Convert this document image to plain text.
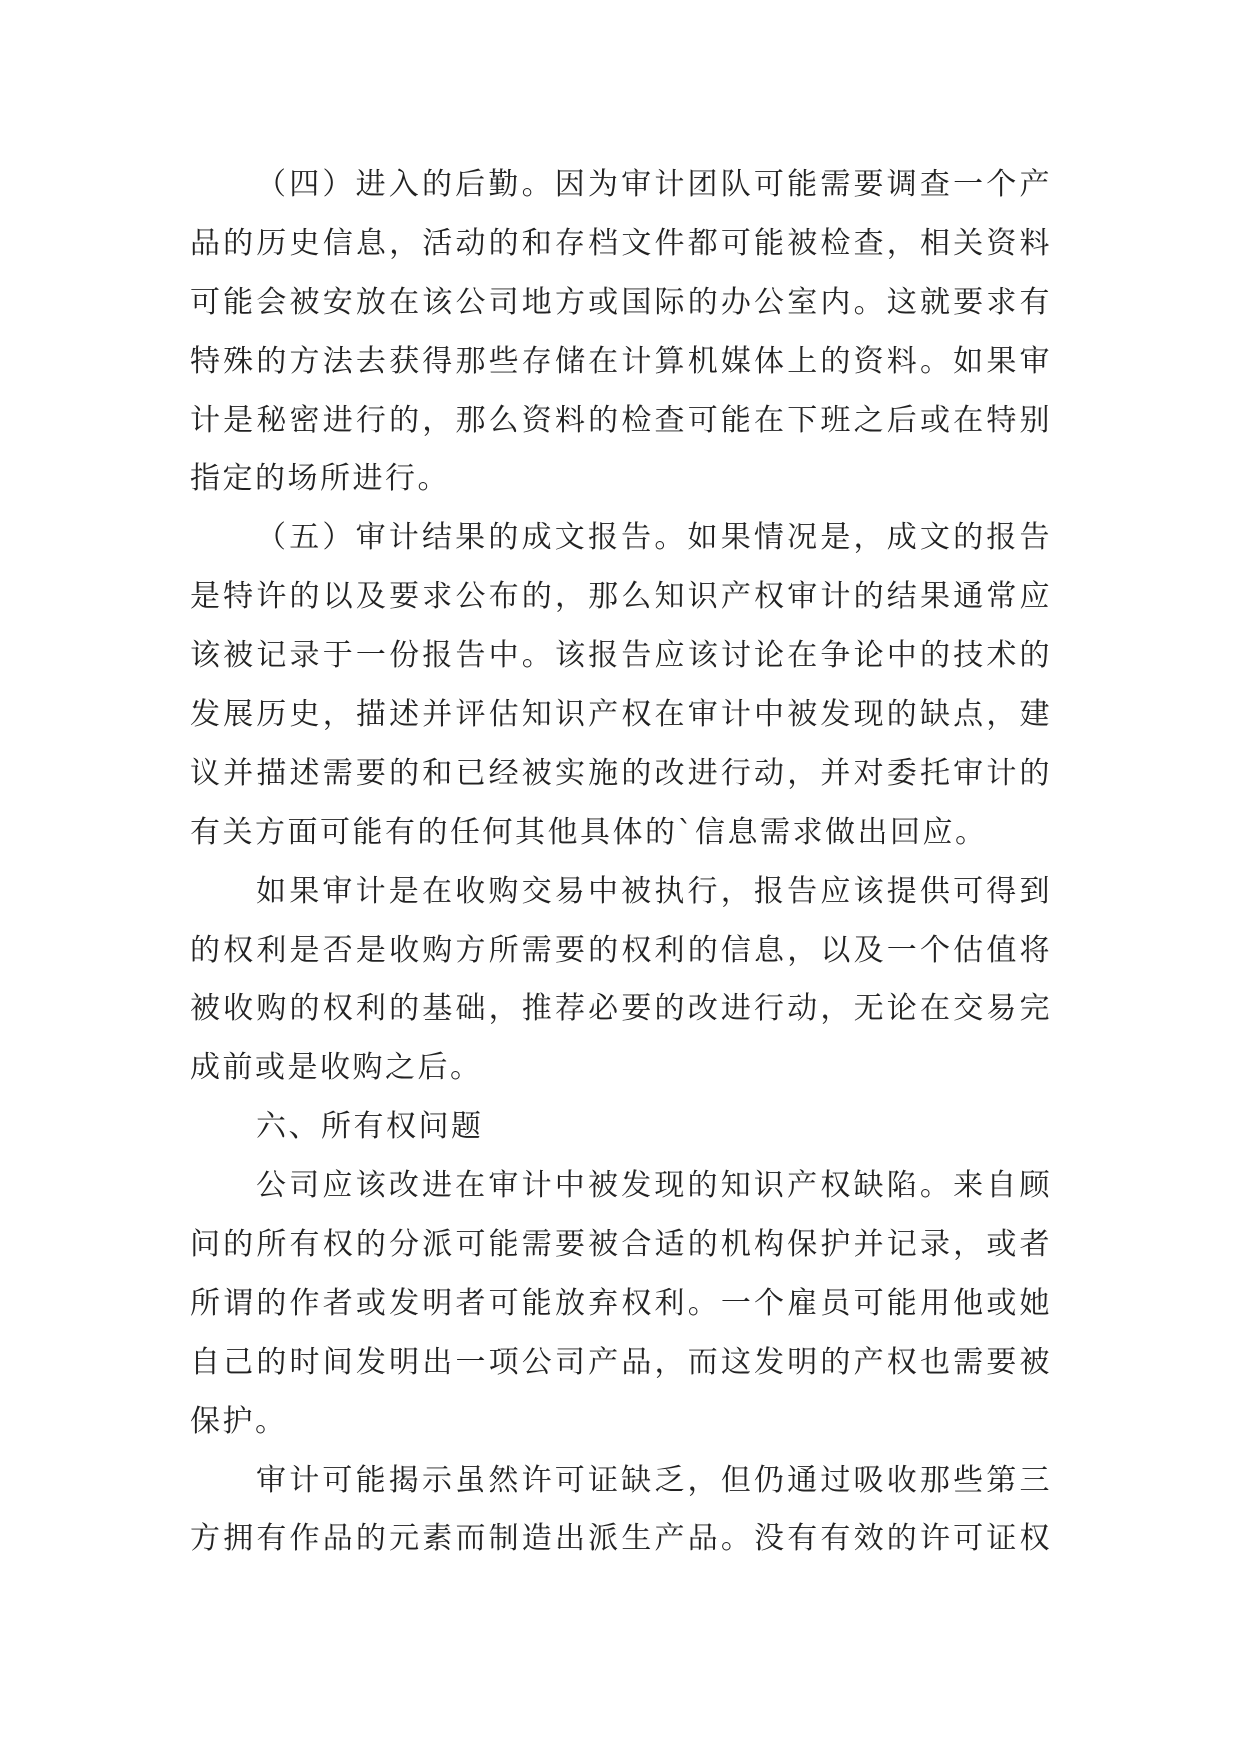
（四）进入的后勤。因为审计团队可能需要调查一个产
品的历史信息，活动的和存档文件都可能被检查，相关资料
可能会被安放在该公司地方或国际的办公室内。这就要求有
特殊的方法去获得那些存储在计算机媒体上的资料。如果审
计是秘密进行的，那么资料的检查可能在下班之后或在特别
指定的场所进行。
（五）审计结果的成文报告。如果情况是，成文的报告
是特许的以及要求公布的，那么知识产权审计的结果通常应
该被记录于一份报告中。该报告应该讨论在争论中的技术的
发展历史，描述并评估知识产权在审计中被发现的缺点，建
议并描述需要的和已经被实施的改进行动，并对委托审计的
有关方面可能有的任何其他具体的`信息需求做出回应。
如果审计是在收购交易中被执行，报告应该提供可得到
的权利是否是收购方所需要的权利的信息，以及一个估值将
被收购的权利的基础，推荐必要的改进行动，无论在交易完
成前或是收购之后。
六、所有权问题
公司应该改进在审计中被发现的知识产权缺陷。来自顾
问的所有权的分派可能需要被合适的机构保护并记录，或者
所谓的作者或发明者可能放弃权利。一个雇员可能用他或她
自己的时间发明出一项公司产品，而这发明的产权也需要被
保护。
审计可能揭示虽然许可证缺乏，但仍通过吸收那些第三
方拥有作品的元素而制造出派生产品。没有有效的许可证权
